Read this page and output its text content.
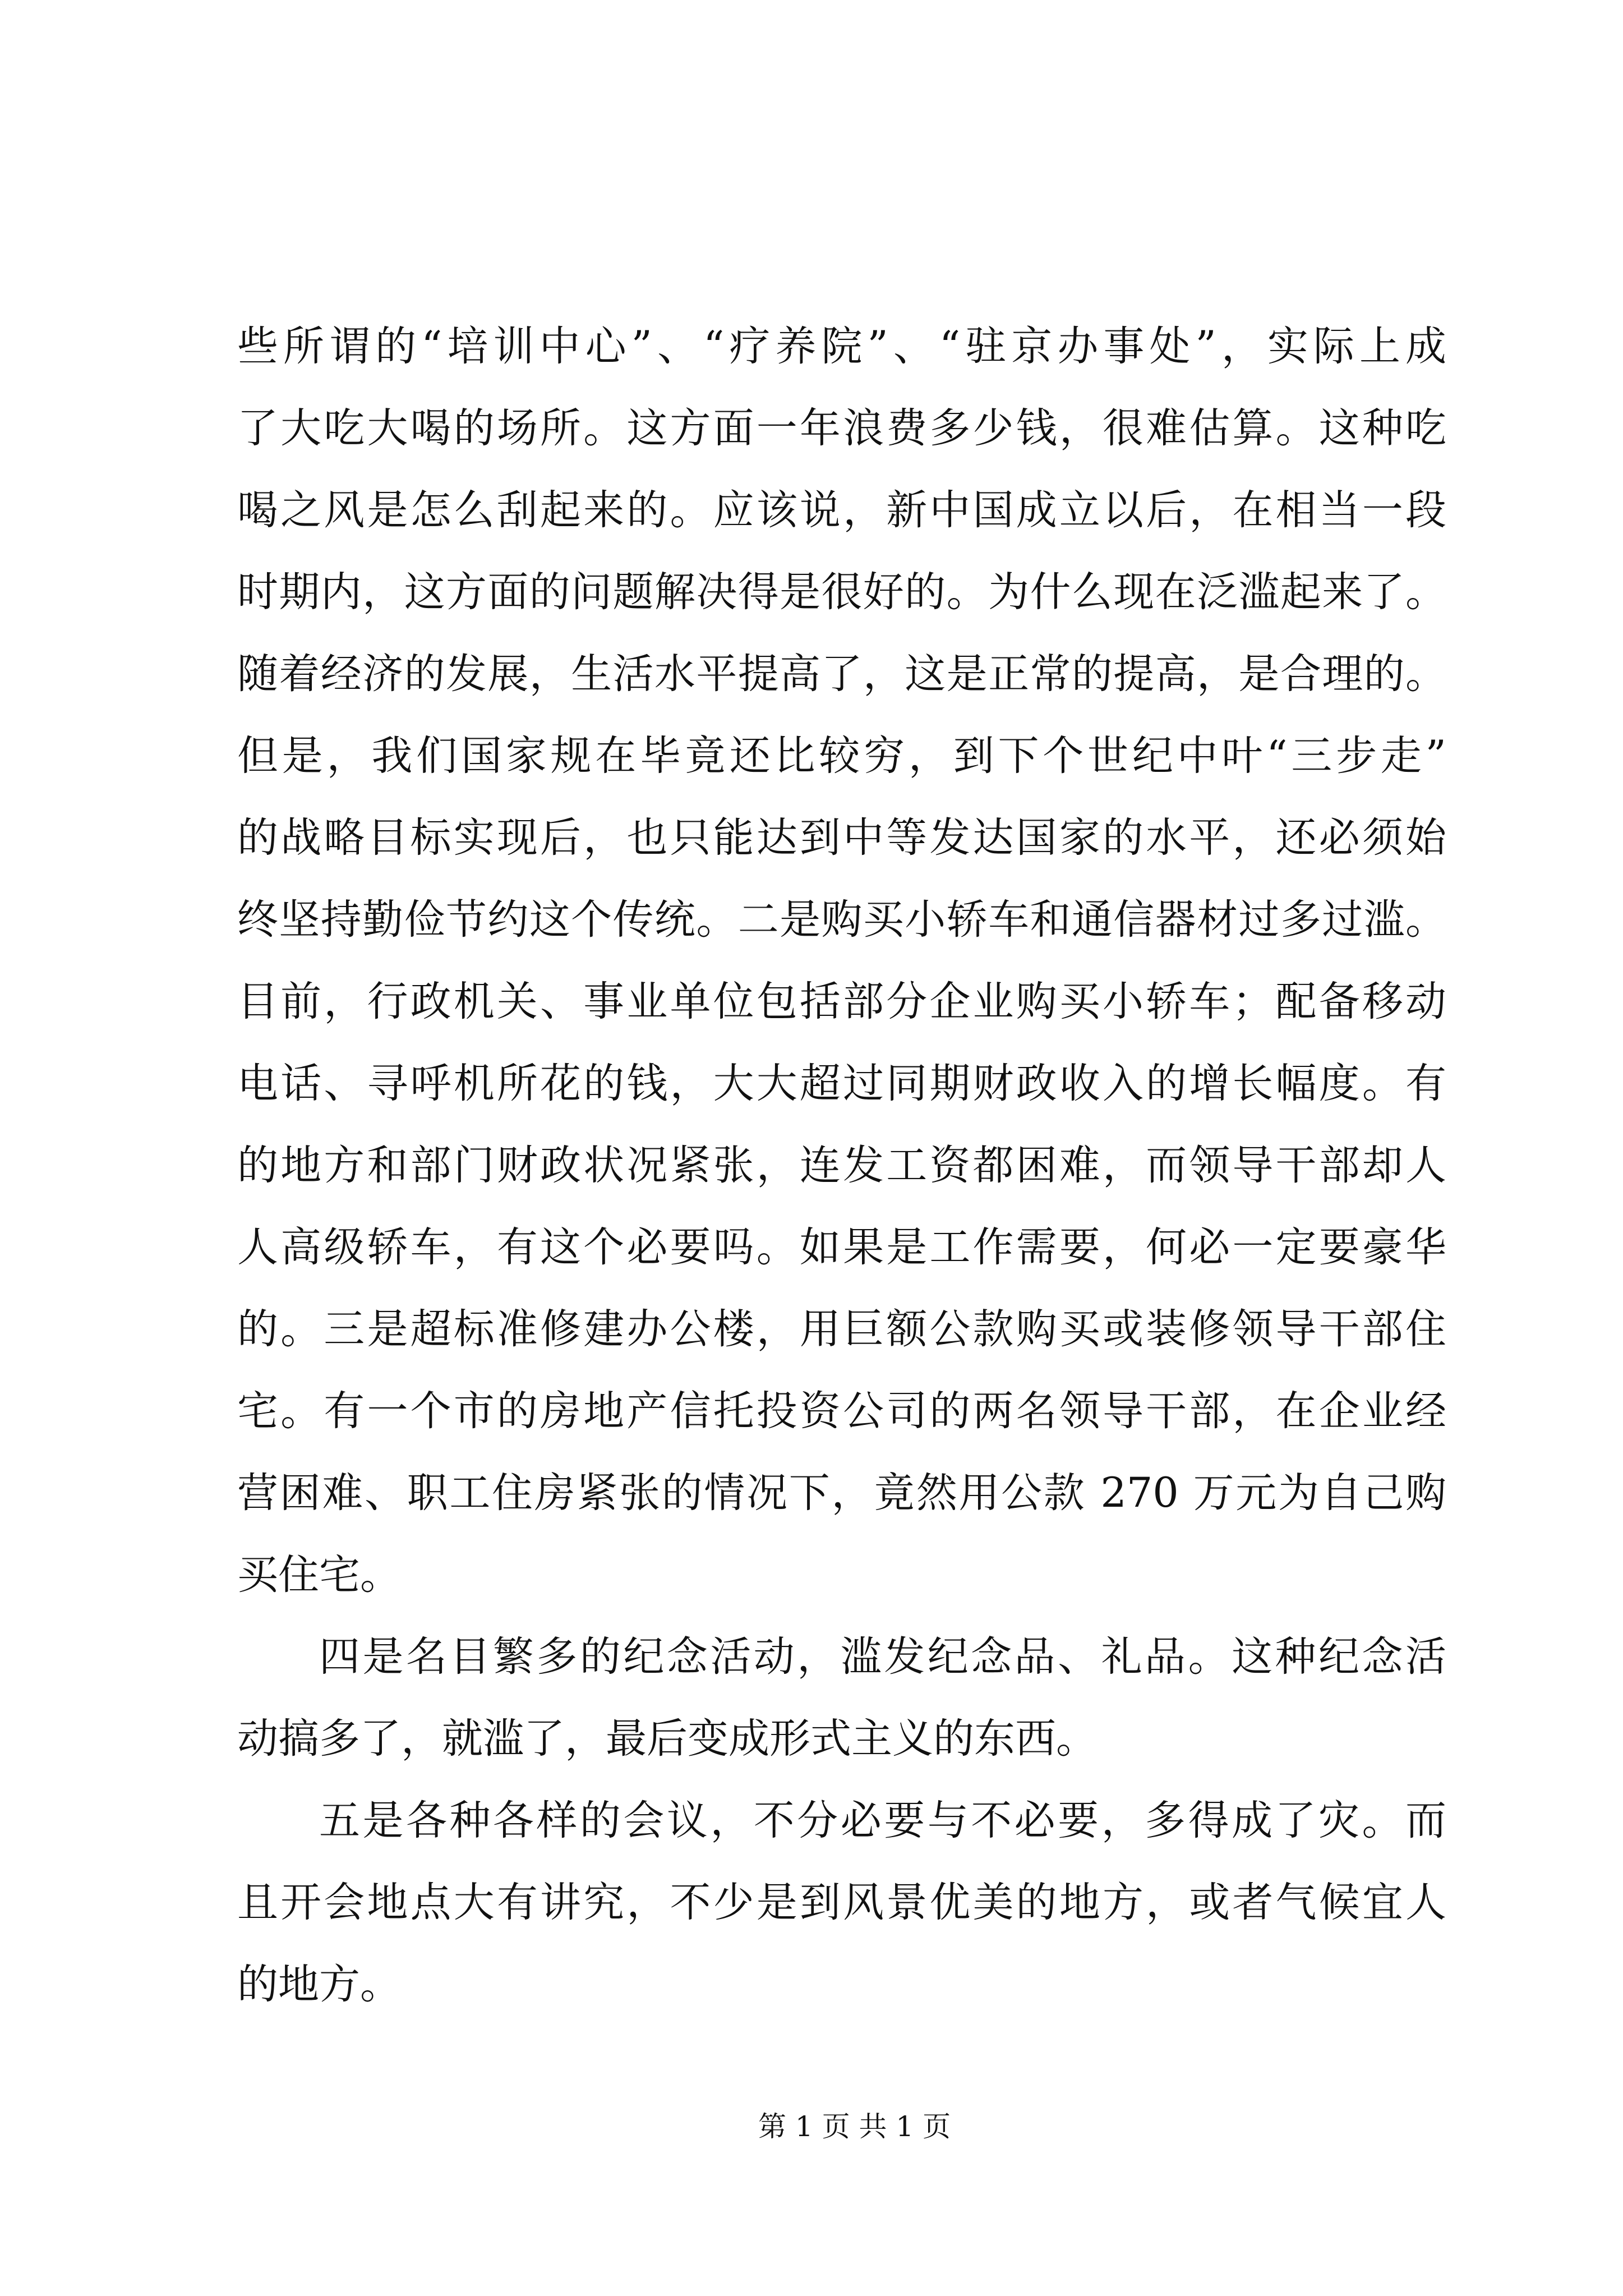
些所谓的“培训中心”、“疗养院”、“驻京办事处”，实际上成
了大吃大喝的场所。这方面一年浪费多少钱，很难估算。这种吃
喝之风是怎么刮起来的。应该说，新中国成立以后，在相当一段
时期内，这方面的问题解决得是很好的。为什么现在泛滥起来了。
随着经济的发展，生活水平提高了，这是正常的提高，是合理的。
但是，我们国家规在毕竟还比较穷，到下个世纪中叶“三步走”
的战略目标实现后，也只能达到中等发达国家的水平，还必须始
终坚持勤俭节约这个传统。二是购买小轿车和通信器材过多过滥。
目前，行政机关、事业单位包括部分企业购买小轿车；配备移动
电话、寻呼机所花的钱，大大超过同期财政收入的增长幅度。有
的地方和部门财政状况紧张，连发工资都困难，而领导干部却人
人高级轿车，有这个必要吗。如果是工作需要，何必一定要豪华
的。三是超标准修建办公楼，用巨额公款购买或装修领导干部住
宅。有一个市的房地产信托投资公司的两名领导干部，在企业经
营困难、职工住房紧张的情况下，竟然用公款 270 万元为自己购
买住宅。
四是名目繁多的纪念活动，滥发纪念品、礼品。这种纪念活
动搞多了，就滥了，最后变成形式主义的东西。
五是各种各样的会议，不分必要与不必要，多得成了灾。而
且开会地点大有讲究，不少是到风景优美的地方，或者气候宜人
的地方。
第 1 页 共 1 页
